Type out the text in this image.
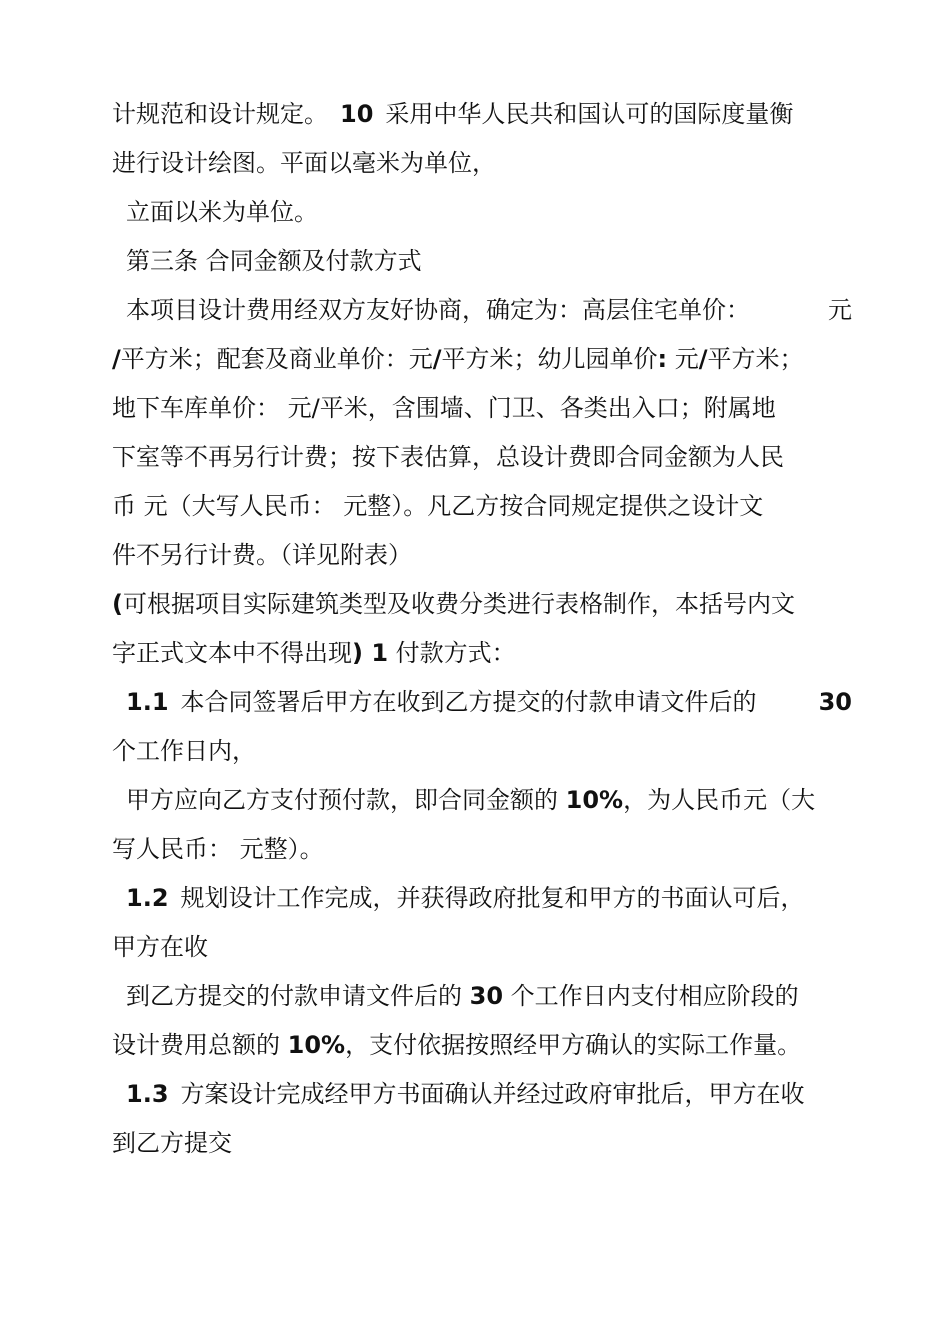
计规范和设计规定。 10 采用中华人民共和国认可的国际度量衡
进行设计绘图。平面以毫米为单位，
立面以米为单位。
第三条 合同金额及付款方式
本项目设计费用经双方友好协商，确定为：高层住宅单价：	元
/平方米；配套及商业单价：元/平方米；幼儿园单价: 元/平方米；
地下车库单价： 元/平米，含围墙、门卫、各类出入口；附属地
下室等不再另行计费；按下表估算，总设计费即合同金额为人民
币 元（大写人民币： 元整）。凡乙方按合同规定提供之设计文
件不另行计费。（详见附表）
(可根据项目实际建筑类型及收费分类进行表格制作，本括号内文
字正式文本中不得出现) 1 付款方式：
1.1 本合同签署后甲方在收到乙方提交的付款申请文件后的	30
个工作日内，
甲方应向乙方支付预付款，即合同金额的 10%，为人民币元（大
写人民币： 元整）。
1.2 规划设计工作完成，并获得政府批复和甲方的书面认可后，
甲方在收
到乙方提交的付款申请文件后的 30 个工作日内支付相应阶段的
设计费用总额的 10%，支付依据按照经甲方确认的实际工作量。
1.3 方案设计完成经甲方书面确认并经过政府审批后，甲方在收
到乙方提交
